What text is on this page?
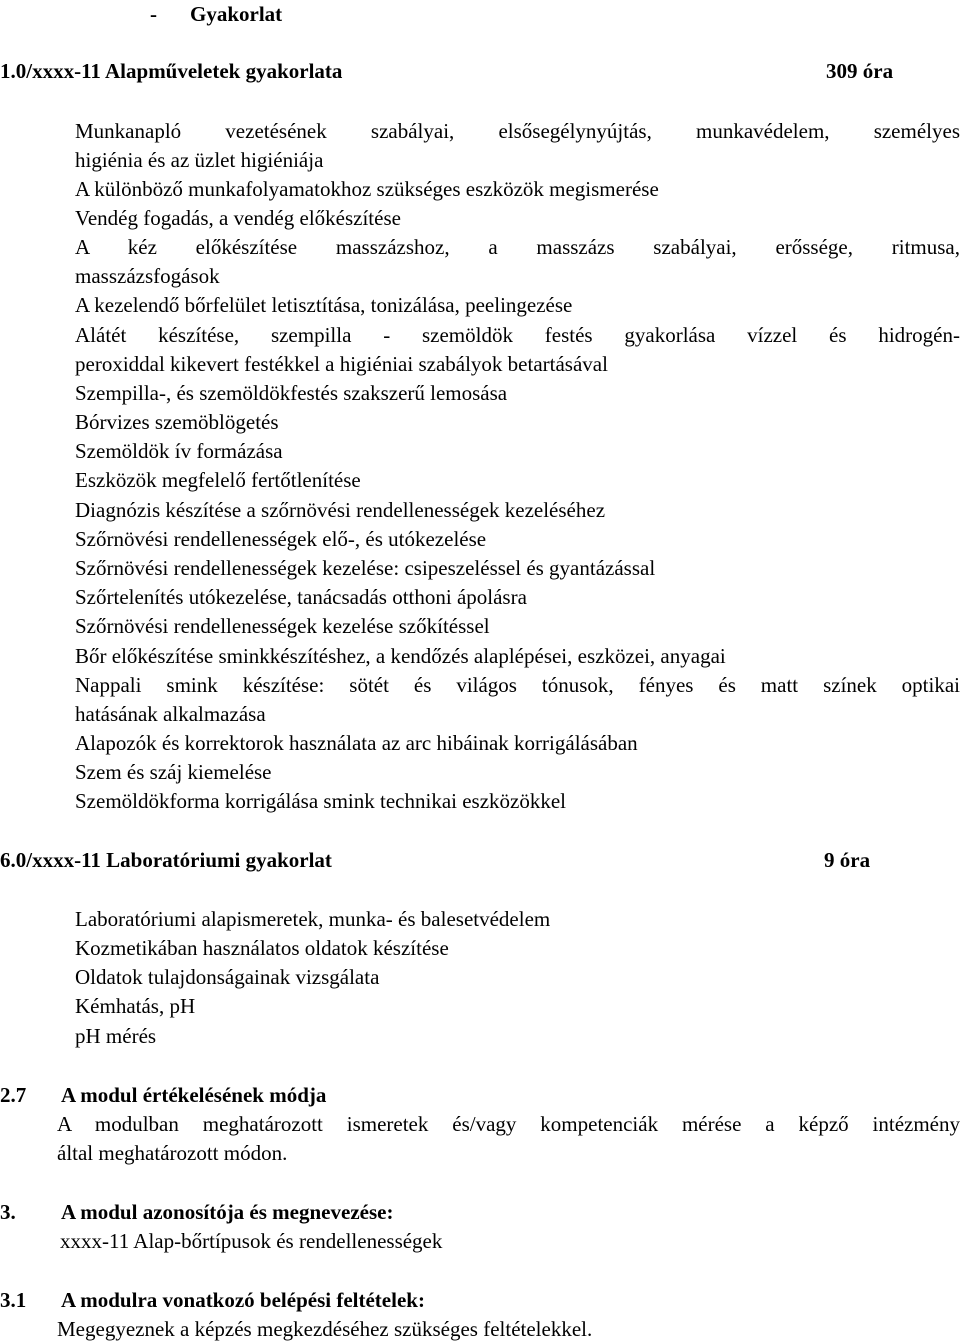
- Gyakorlat
1.0/xxxx-11 Alapműveletek gyakorlata	309 óra
Munkanapló vezetésének szabályai, elsősegélynyújtás, munkavédelem, személyes
higiénia és az üzlet higiéniája
A különböző munkafolyamatokhoz szükséges eszközök megismerése
Vendég fogadás, a vendég előkészítése
A kéz előkészítése masszázshoz, a masszázs szabályai, erőssége, ritmusa,
masszázsfogások
A kezelendő bőrfelület letisztítása, tonizálása, peelingezése
Alátét készítése, szempilla - szemöldök festés gyakorlása vízzel és hidrogén-
peroxiddal kikevert festékkel a higiéniai szabályok betartásával
Szempilla-, és szemöldökfestés szakszerű lemosása
Bórvizes szemöblögetés
Szemöldök ív formázása
Eszközök megfelelő fertőtlenítése
Diagnózis készítése a szőrnövési rendellenességek kezeléséhez
Szőrnövési rendellenességek elő-, és utókezelése
Szőrnövési rendellenességek kezelése: csipeszeléssel és gyantázással
Szőrtelenítés utókezelése, tanácsadás otthoni ápolásra
Szőrnövési rendellenességek kezelése szőkítéssel
Bőr előkészítése sminkkészítéshez, a kendőzés alaplépései, eszközei, anyagai
Nappali smink készítése: sötét és világos tónusok, fényes és matt színek optikai
hatásának alkalmazása
Alapozók és korrektorok használata az arc hibáinak korrigálásában
Szem és száj kiemelése
Szemöldökforma korrigálása smink technikai eszközökkel
6.0/xxxx-11 Laboratóriumi gyakorlat	9 óra
Laboratóriumi alapismeretek, munka- és balesetvédelem
Kozmetikában használatos oldatok készítése
Oldatok tulajdonságainak vizsgálata
Kémhatás, pH
pH mérés
2.7 A modul értékelésének módja
A modulban meghatározott ismeretek és/vagy kompetenciák mérése a képző intézmény
által meghatározott módon.
3. A modul azonosítója és megnevezése:
xxxx-11 Alap-bőrtípusok és rendellenességek
3.1 A modulra vonatkozó belépési feltételek:
Megegyeznek a képzés megkezdéséhez szükséges feltételekkel.
